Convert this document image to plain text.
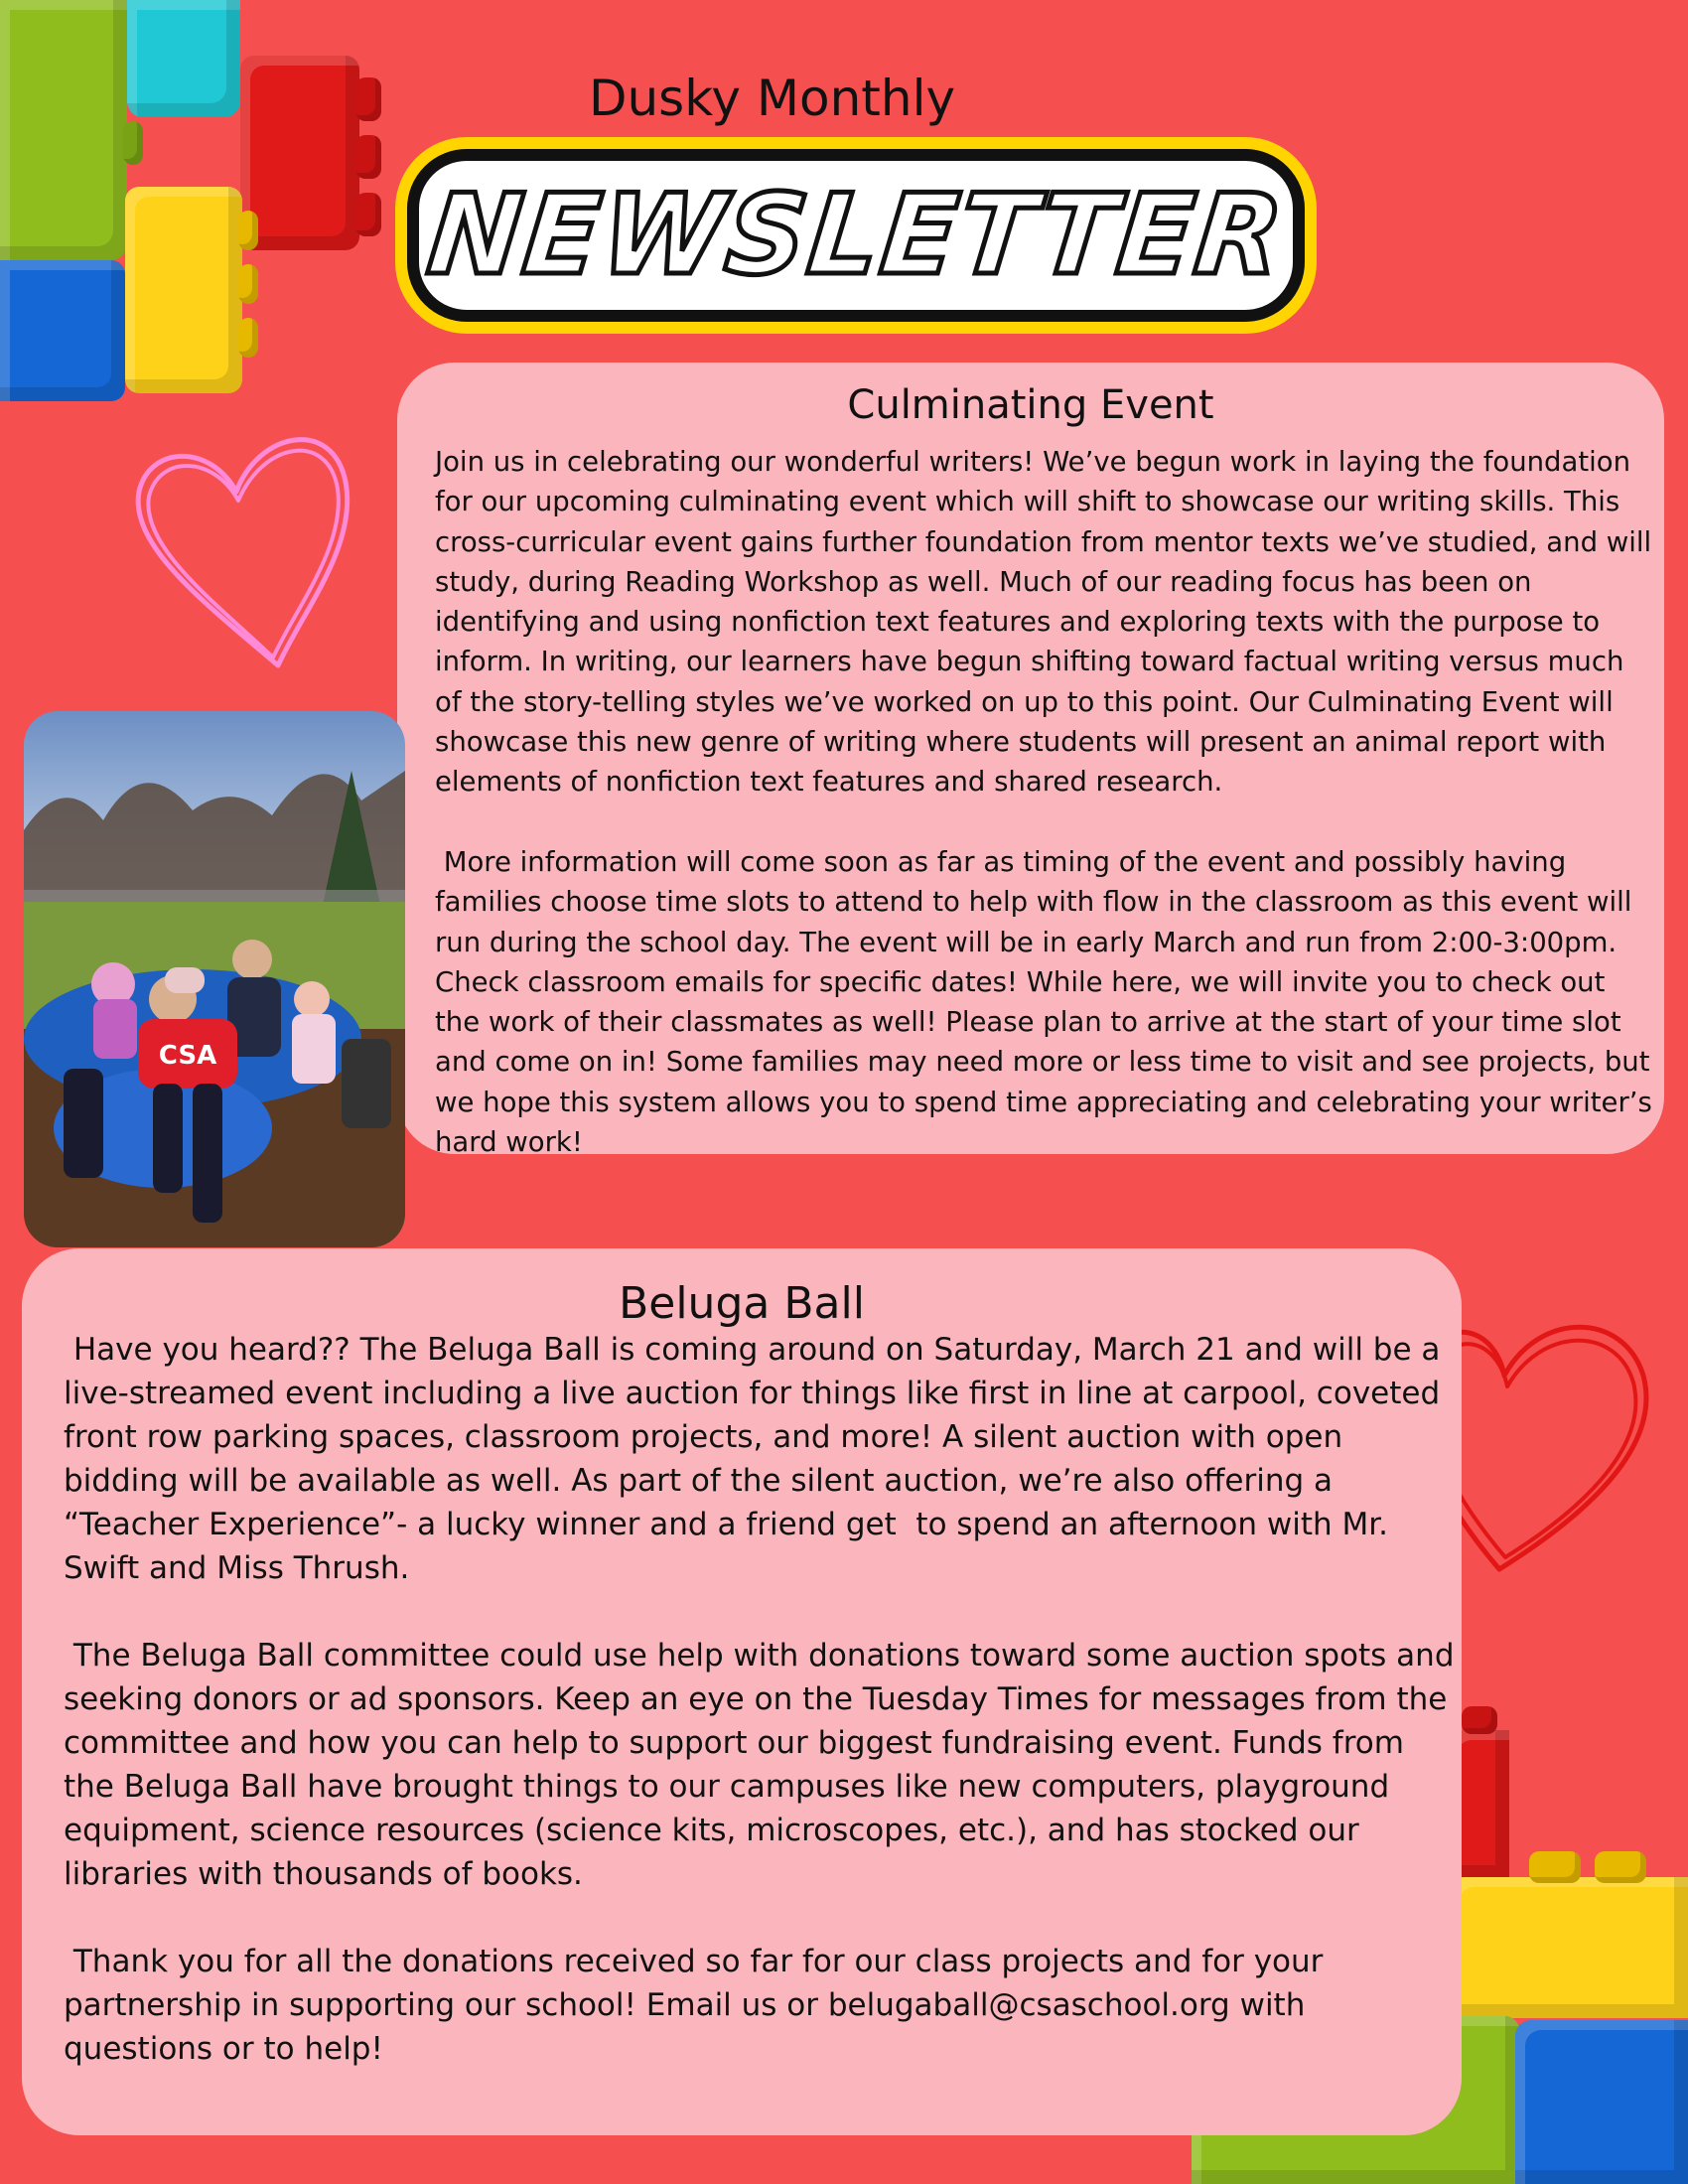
Dusky Monthly
NEWSLETTER
Culminating Event

Join us in celebrating our wonderful writers! We’ve begun work in laying the foundation for our upcoming culminating event which will shift to showcase our writing skills. This cross-curricular event gains further foundation from mentor texts we’ve studied, and will study, during Reading Workshop as well. Much of our reading focus has been on identifying and using nonfiction text features and exploring texts with the purpose to inform. In writing, our learners have begun shifting toward factual writing versus much of the story-telling styles we’ve worked on up to this point. Our Culminating Event will showcase this new genre of writing where students will present an animal report with elements of nonfiction text features and shared research.

More information will come soon as far as timing of the event and possibly having families choose time slots to attend to help with flow in the classroom as this event will run during the school day. The event will be in early March and run from 2:00-3:00pm. Check classroom emails for specific dates! While here, we will invite you to check out the work of their classmates as well! Please plan to arrive at the start of your time slot and come on in! Some families may need more or less time to visit and see projects, but we hope this system allows you to spend time appreciating and celebrating your writer’s hard work!

CSA
Beluga Ball

Have you heard?? The Beluga Ball is coming around on Saturday, March 21 and will be a live-streamed event including a live auction for things like first in line at carpool, coveted front row parking spaces, classroom projects, and more! A silent auction with open bidding will be available as well. As part of the silent auction, we’re also offering a “Teacher Experience”- a lucky winner and a friend get  to spend an afternoon with Mr. Swift and Miss Thrush.

The Beluga Ball committee could use help with donations toward some auction spots and seeking donors or ad sponsors. Keep an eye on the Tuesday Times for messages from the committee and how you can help to support our biggest fundraising event. Funds from the Beluga Ball have brought things to our campuses like new computers, playground equipment, science resources (science kits, microscopes, etc.), and has stocked our libraries with thousands of books.

Thank you for all the donations received so far for our class projects and for your partnership in supporting our school! Email us or belugaball@csaschool.org with questions or to help!
